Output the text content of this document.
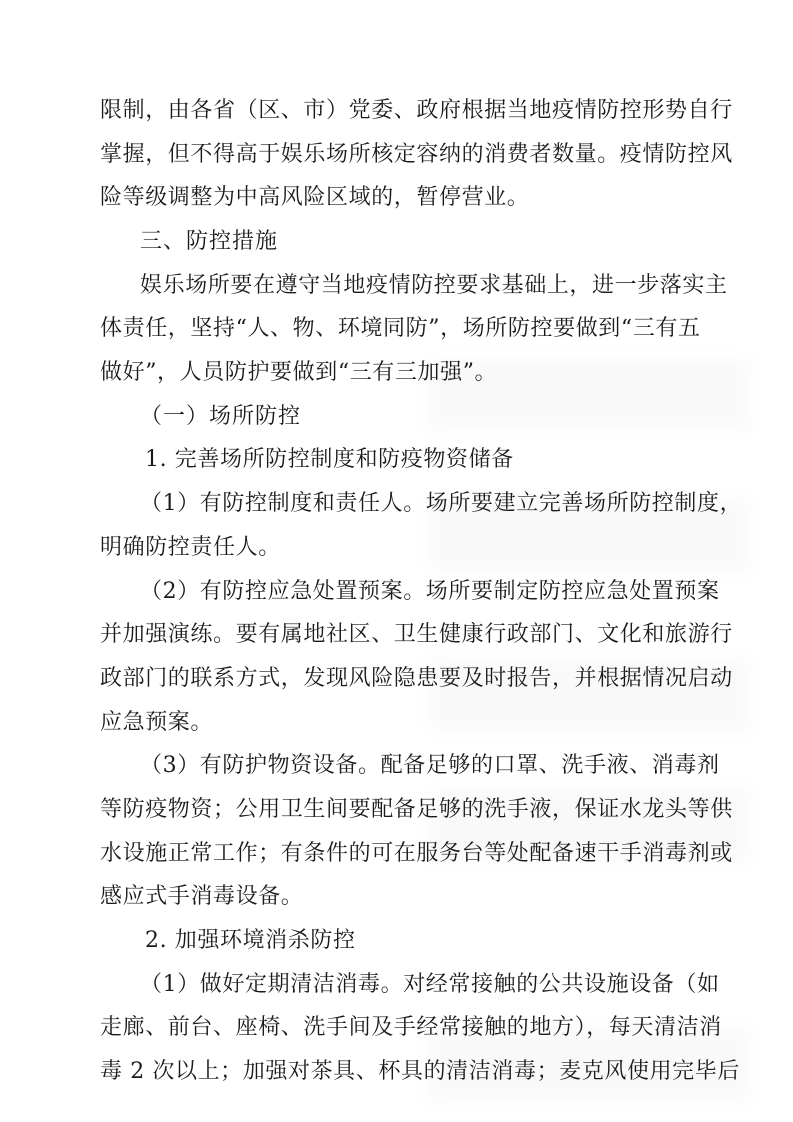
限制，由各省（区、市）党委、政府根据当地疫情防控形势自行
掌握，但不得高于娱乐场所核定容纳的消费者数量。疫情防控风
险等级调整为中高风险区域的，暂停营业。
三、防控措施
娱乐场所要在遵守当地疫情防控要求基础上，进一步落实主
体责任，坚持“人、物、环境同防”，场所防控要做到“三有五
做好”，人员防护要做到“三有三加强”。
（一）场所防控
1. 完善场所防控制度和防疫物资储备
（1）有防控制度和责任人。场所要建立完善场所防控制度，
明确防控责任人。
（2）有防控应急处置预案。场所要制定防控应急处置预案
并加强演练。要有属地社区、卫生健康行政部门、文化和旅游行
政部门的联系方式，发现风险隐患要及时报告，并根据情况启动
应急预案。
（3）有防护物资设备。配备足够的口罩、洗手液、消毒剂
等防疫物资；公用卫生间要配备足够的洗手液，保证水龙头等供
水设施正常工作；有条件的可在服务台等处配备速干手消毒剂或
感应式手消毒设备。
2. 加强环境消杀防控
（1）做好定期清洁消毒。对经常接触的公共设施设备（如
走廊、前台、座椅、洗手间及手经常接触的地方），每天清洁消
毒 2 次以上；加强对茶具、杯具的清洁消毒；麦克风使用完毕后
